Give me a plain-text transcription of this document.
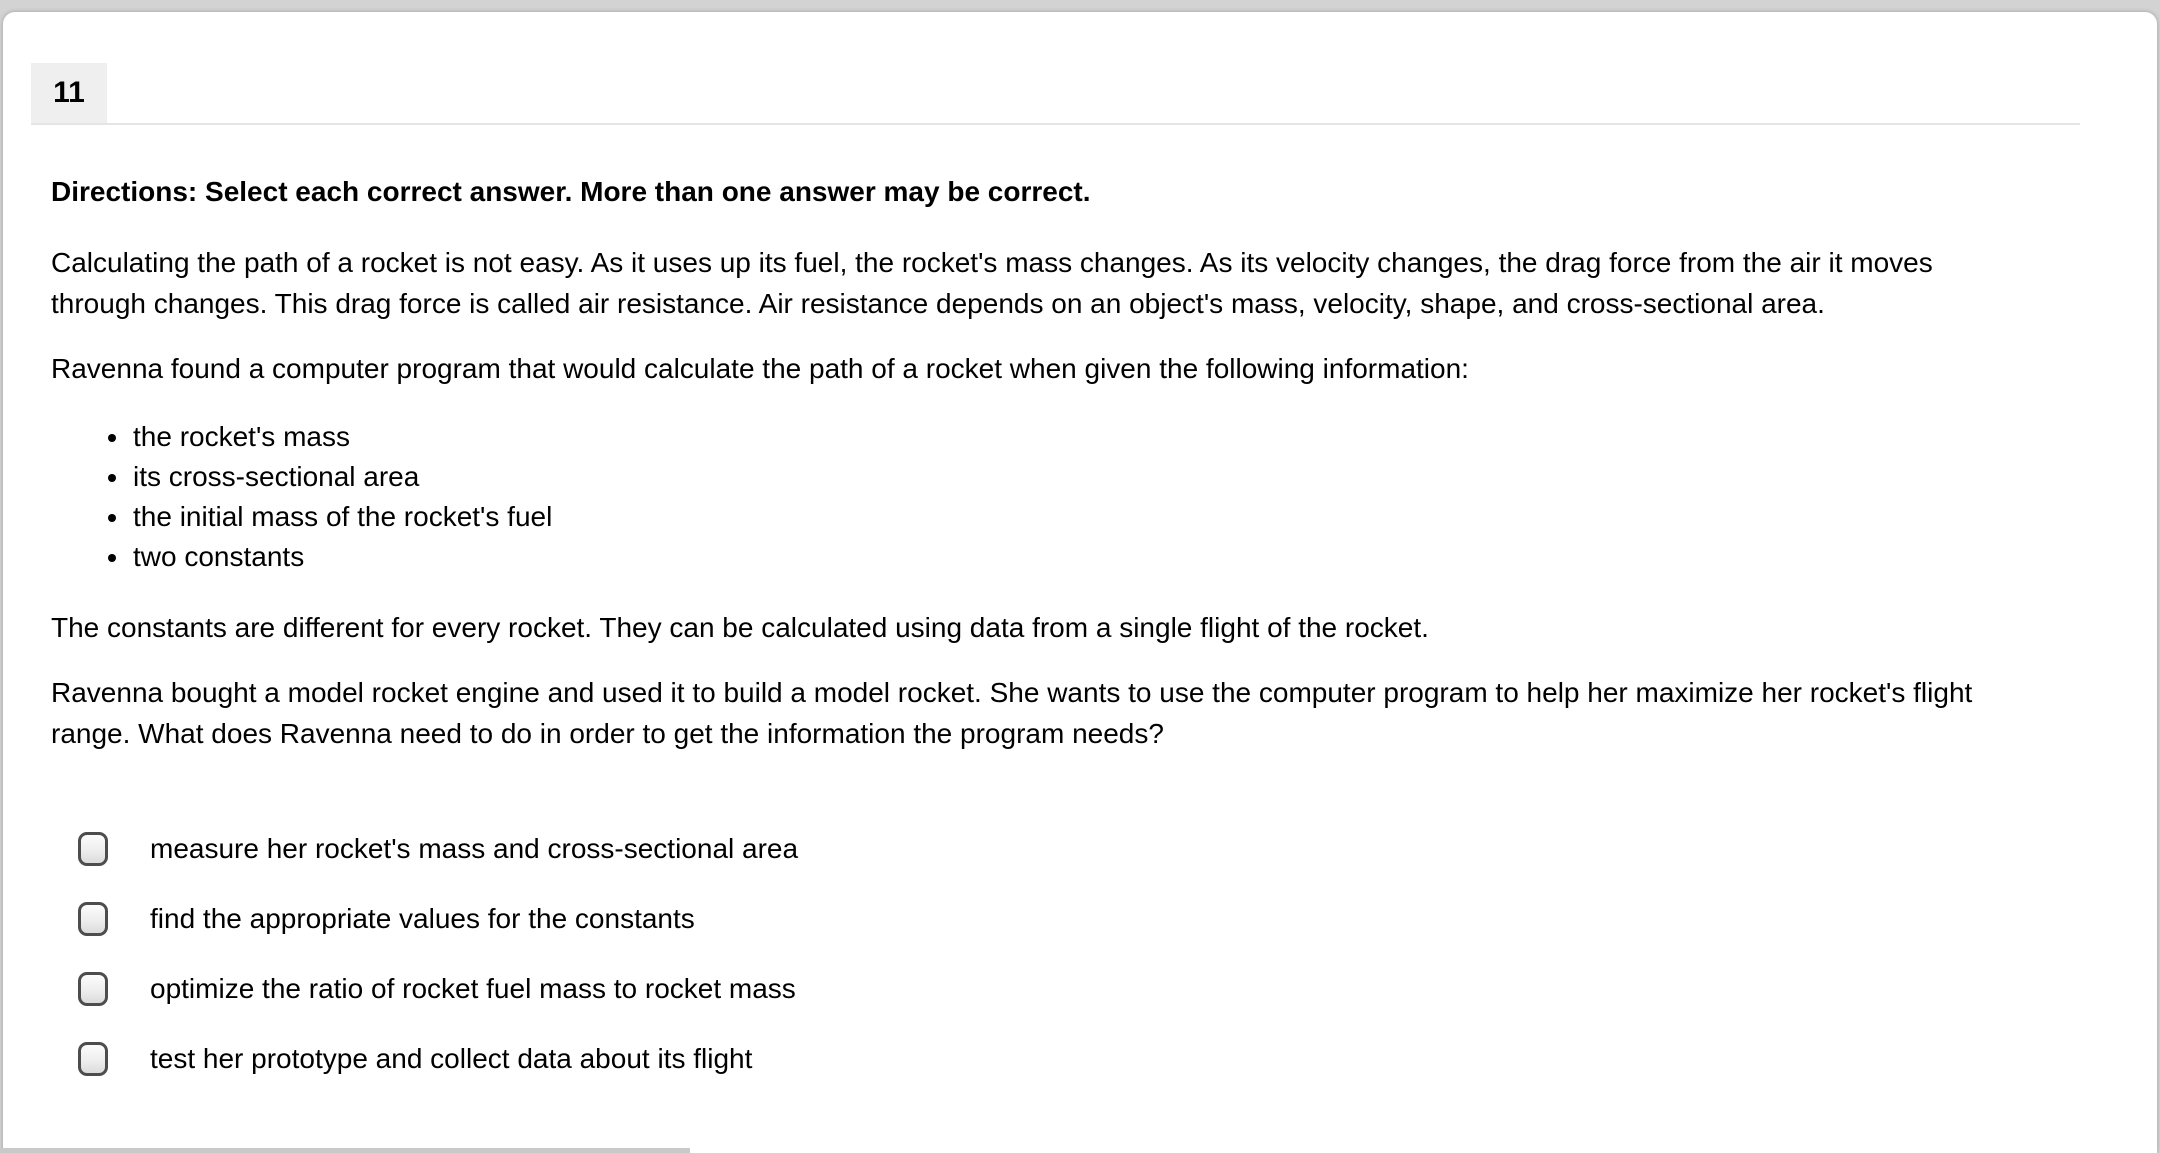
11

Directions: Select each correct answer. More than one answer may be correct.

Calculating the path of a rocket is not easy. As it uses up its fuel, the rocket's mass changes. As its velocity changes, the drag force from the air it moves through changes. This drag force is called air resistance. Air resistance depends on an object's mass, velocity, shape, and cross-sectional area.

Ravenna found a computer program that would calculate the path of a rocket when given the following information:

• the rocket's mass
• its cross-sectional area
• the initial mass of the rocket's fuel
• two constants

The constants are different for every rocket. They can be calculated using data from a single flight of the rocket.

Ravenna bought a model rocket engine and used it to build a model rocket. She wants to use the computer program to help her maximize her rocket's flight range. What does Ravenna need to do in order to get the information the program needs?

measure her rocket's mass and cross-sectional area
find the appropriate values for the constants
optimize the ratio of rocket fuel mass to rocket mass
test her prototype and collect data about its flight
